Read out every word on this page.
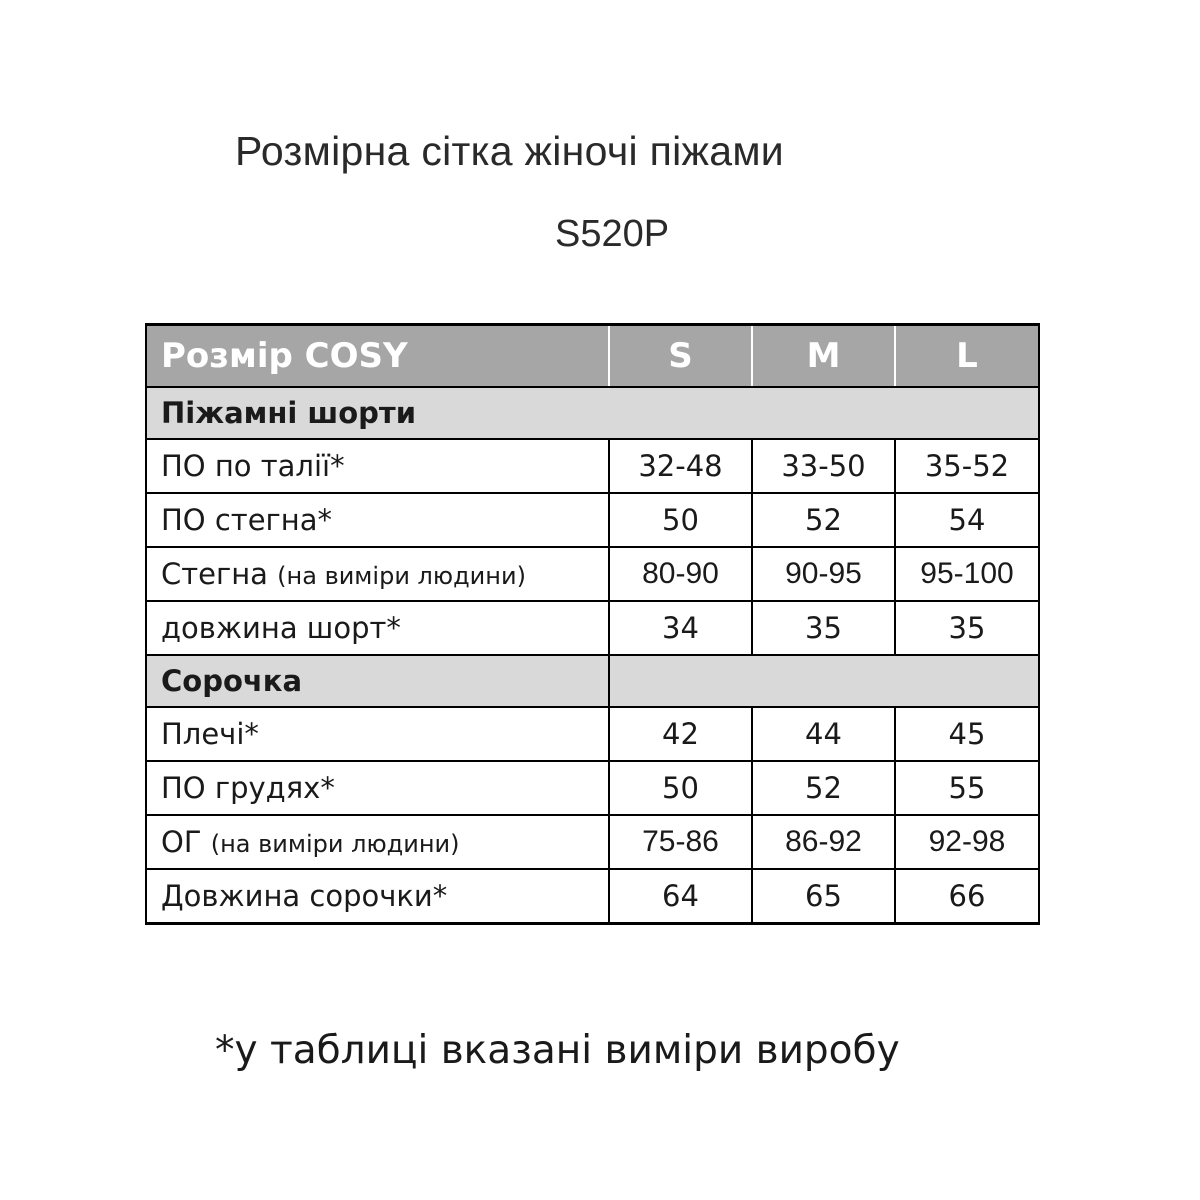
Розмірна сітка жіночі піжами
S520P
Розмір COSY	S	M	L
Піжамні шорти			
ПО по талії*	32-48	33-50	35-52
ПО стегна*	50	52	54
Стегна (на виміри людини)	80-90	90-95	95-100
довжина шорт*	34	35	35
Сорочка			
Плечі*	42	44	45
ПО грудях*	50	52	55
ОГ (на виміри людини)	75-86	86-92	92-98
Довжина сорочки*	64	65	66
*у таблиці вказані виміри виробу
